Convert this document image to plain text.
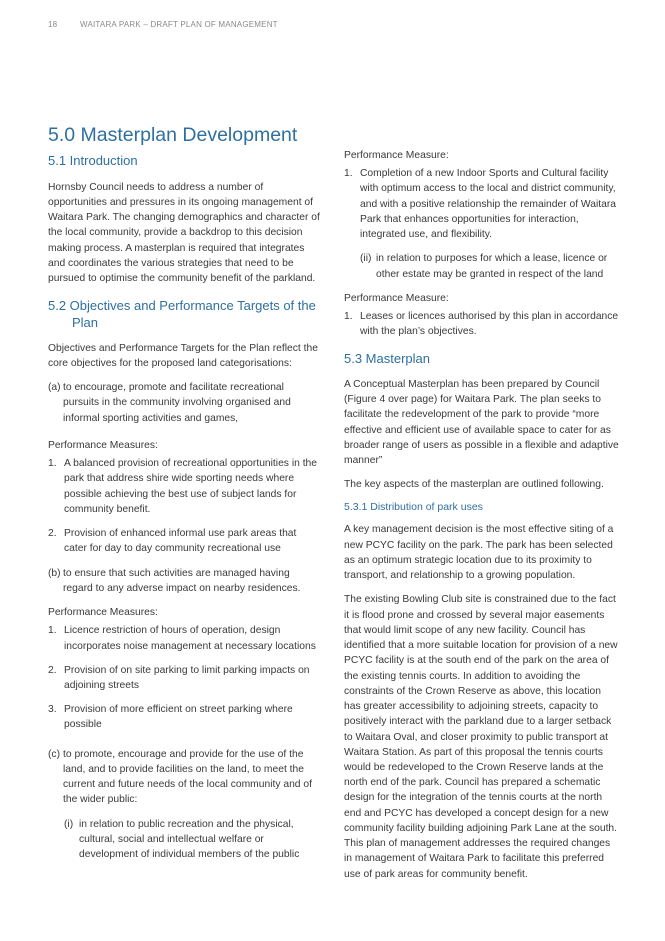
18	WAITARA PARK – DRAFT PLAN OF MANAGEMENT
5.0 Masterplan Development
5.1 Introduction

Hornsby Council needs to address a number of opportunities and pressures in its ongoing management of Waitara Park. The changing demographics and character of the local community, provide a backdrop to this decision making process. A masterplan is required that integrates and coordinates the various strategies that need to be pursued to optimise the community benefit of the parkland.

5.2 Objectives and Performance Targets of the Plan

Objectives and Performance Targets for the Plan reflect the core objectives for the proposed land categorisations:

(a) to encourage, promote and facilitate recreational pursuits in the community involving organised and informal sporting activities and games,

Performance Measures:

1. A balanced provision of recreational opportunities in the park that address shire wide sporting needs where possible achieving the best use of subject lands for community benefit.
2. Provision of enhanced informal use park areas that cater for day to day community recreational use
(b) to ensure that such activities are managed having regard to any adverse impact on nearby residences.

Performance Measures:

1. Licence restriction of hours of operation, design incorporates noise management at necessary locations
2. Provision of on site parking to limit parking impacts on adjoining streets
3. Provision of more efficient on street parking where possible
(c) to promote, encourage and provide for the use of the land, and to provide facilities on the land, to meet the current and future needs of the local community and of the wider public:
(i) in relation to public recreation and the physical, cultural, social and intellectual welfare or development of individual members of the public

Performance Measure:

1. Completion of a new Indoor Sports and Cultural facility with optimum access to the local and district community, and with a positive relationship the remainder of Waitara Park that enhances opportunities for interaction, integrated use, and flexibility.
(ii) in relation to purposes for which a lease, licence or other estate may be granted in respect of the land

Performance Measure:

1. Leases or licences authorised by this plan in accordance with the plan’s objectives.
5.3 Masterplan

A Conceptual Masterplan has been prepared by Council (Figure 4 over page) for Waitara Park. The plan seeks to facilitate the redevelopment of the park to provide “more effective and efficient use of available space to cater for as broader range of users as possible in a flexible and adaptive manner”

The key aspects of the masterplan are outlined following.

5.3.1 Distribution of park uses

A key management decision is the most effective siting of a new PCYC facility on the park. The park has been selected as an optimum strategic location due to its proximity to transport, and relationship to a growing population.

The existing Bowling Club site is constrained due to the fact it is flood prone and crossed by several major easements that would limit scope of any new facility. Council has identified that a more suitable location for provision of a new PCYC facility is at the south end of the park on the area of the existing tennis courts. In addition to avoiding the constraints of the Crown Reserve as above, this location has greater accessibility to adjoining streets, capacity to positively interact with the parkland due to a larger setback to Waitara Oval, and closer proximity to public transport at Waitara Station. As part of this proposal the tennis courts would be redeveloped to the Crown Reserve lands at the north end of the park. Council has prepared a schematic design for the integration of the tennis courts at the north end and PCYC has developed a concept design for a new community facility building adjoining Park Lane at the south. This plan of management addresses the required changes in management of Waitara Park to facilitate this preferred use of park areas for community benefit.
